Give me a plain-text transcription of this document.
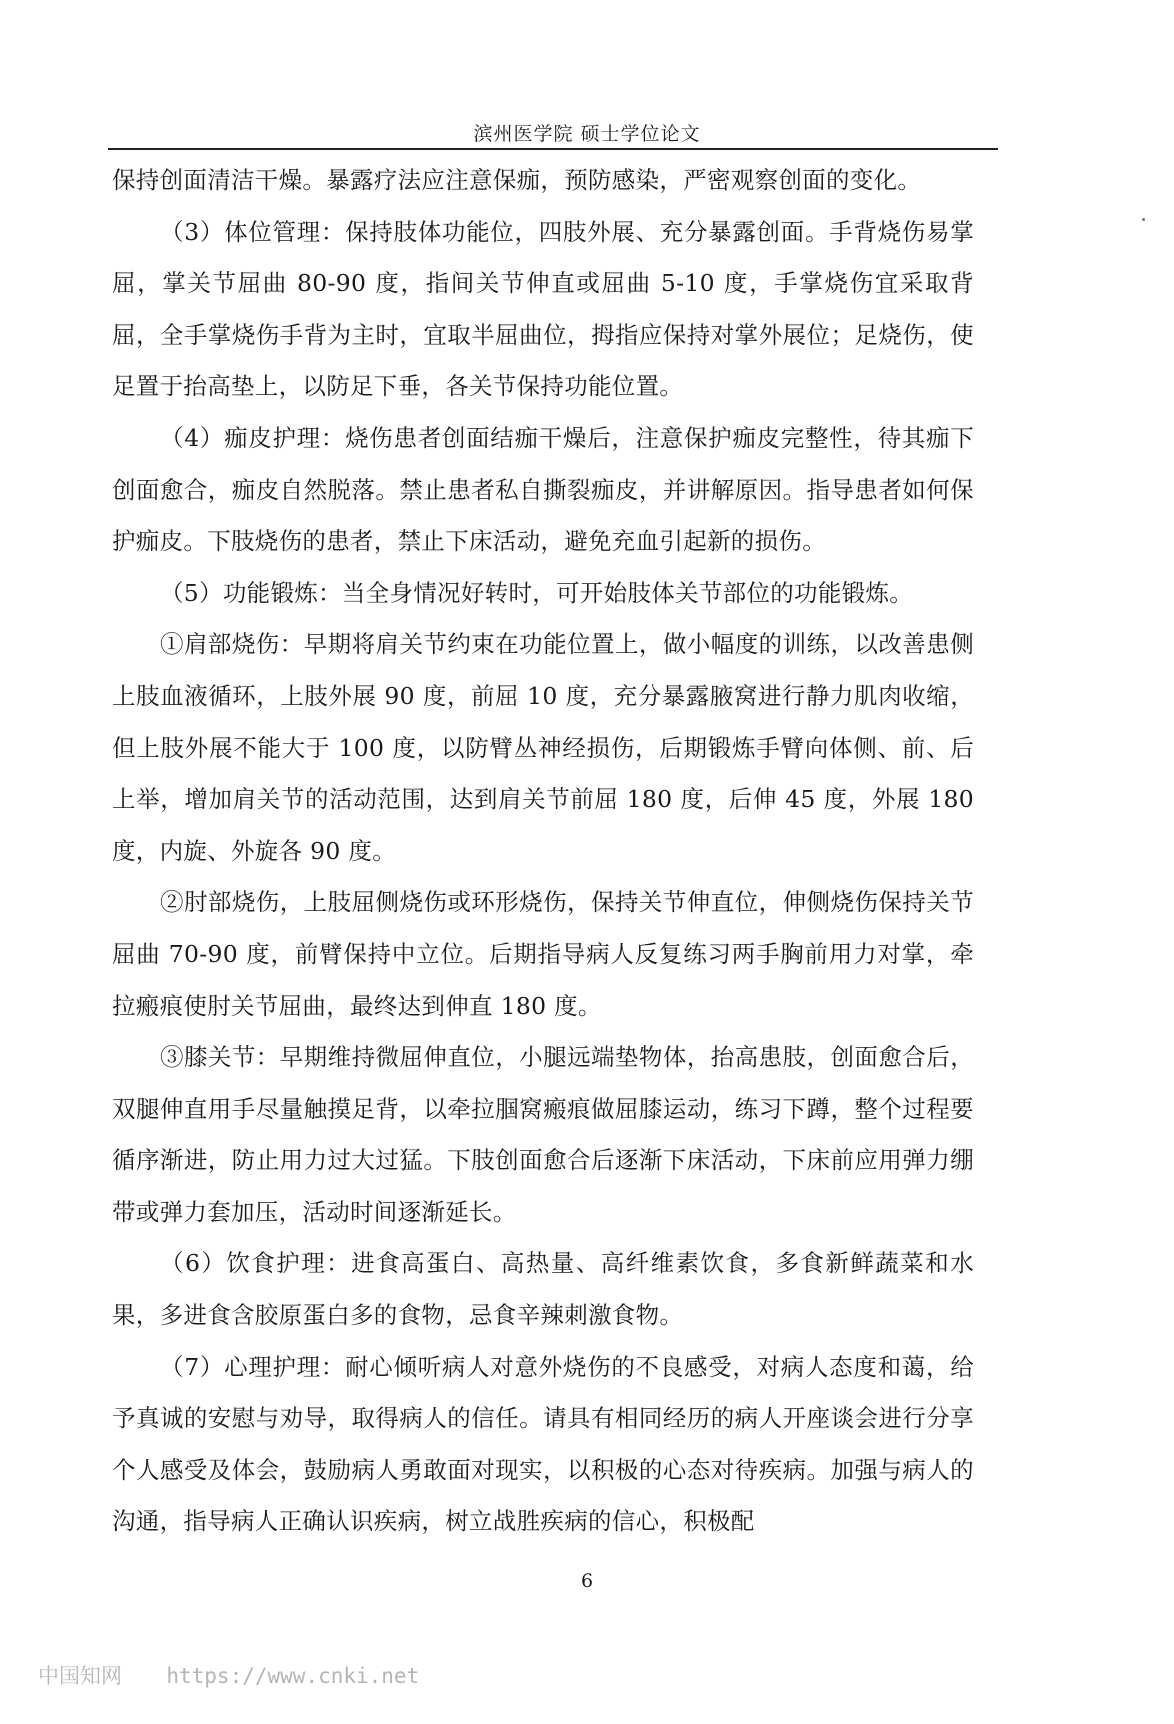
滨州医学院 硕士学位论文

保持创面清洁干燥。暴露疗法应注意保痂，预防感染，严密观察创面的变化。

（3）体位管理：保持肢体功能位，四肢外展、充分暴露创面。手背烧伤易掌屈，掌关节屈曲 80-90 度，指间关节伸直或屈曲 5-10 度，手掌烧伤宜采取背屈，全手掌烧伤手背为主时，宜取半屈曲位，拇指应保持对掌外展位；足烧伤，使足置于抬高垫上，以防足下垂，各关节保持功能位置。

（4）痂皮护理：烧伤患者创面结痂干燥后，注意保护痂皮完整性，待其痂下创面愈合，痂皮自然脱落。禁止患者私自撕裂痂皮，并讲解原因。指导患者如何保护痂皮。下肢烧伤的患者，禁止下床活动，避免充血引起新的损伤。

（5）功能锻炼：当全身情况好转时，可开始肢体关节部位的功能锻炼。

①肩部烧伤：早期将肩关节约束在功能位置上，做小幅度的训练，以改善患侧上肢血液循环，上肢外展 90 度，前屈 10 度，充分暴露腋窝进行静力肌肉收缩，但上肢外展不能大于 100 度，以防臂丛神经损伤，后期锻炼手臂向体侧、前、后上举，增加肩关节的活动范围，达到肩关节前屈 180 度，后伸 45 度，外展 180 度，内旋、外旋各 90 度。

②肘部烧伤，上肢屈侧烧伤或环形烧伤，保持关节伸直位，伸侧烧伤保持关节屈曲 70-90 度，前臂保持中立位。后期指导病人反复练习两手胸前用力对掌，牵拉瘢痕使肘关节屈曲，最终达到伸直 180 度。

③膝关节：早期维持微屈伸直位，小腿远端垫物体，抬高患肢，创面愈合后，双腿伸直用手尽量触摸足背，以牵拉腘窝瘢痕做屈膝运动，练习下蹲，整个过程要循序渐进，防止用力过大过猛。下肢创面愈合后逐渐下床活动，下床前应用弹力绷带或弹力套加压，活动时间逐渐延长。

（6）饮食护理：进食高蛋白、高热量、高纤维素饮食，多食新鲜蔬菜和水果，多进食含胶原蛋白多的食物，忌食辛辣刺激食物。

（7）心理护理：耐心倾听病人对意外烧伤的不良感受，对病人态度和蔼，给予真诚的安慰与劝导，取得病人的信任。请具有相同经历的病人开座谈会进行分享个人感受及体会，鼓励病人勇敢面对现实，以积极的心态对待疾病。加强与病人的沟通，指导病人正确认识疾病，树立战胜疾病的信心，积极配

6
中国知网 https://www.cnki.net
